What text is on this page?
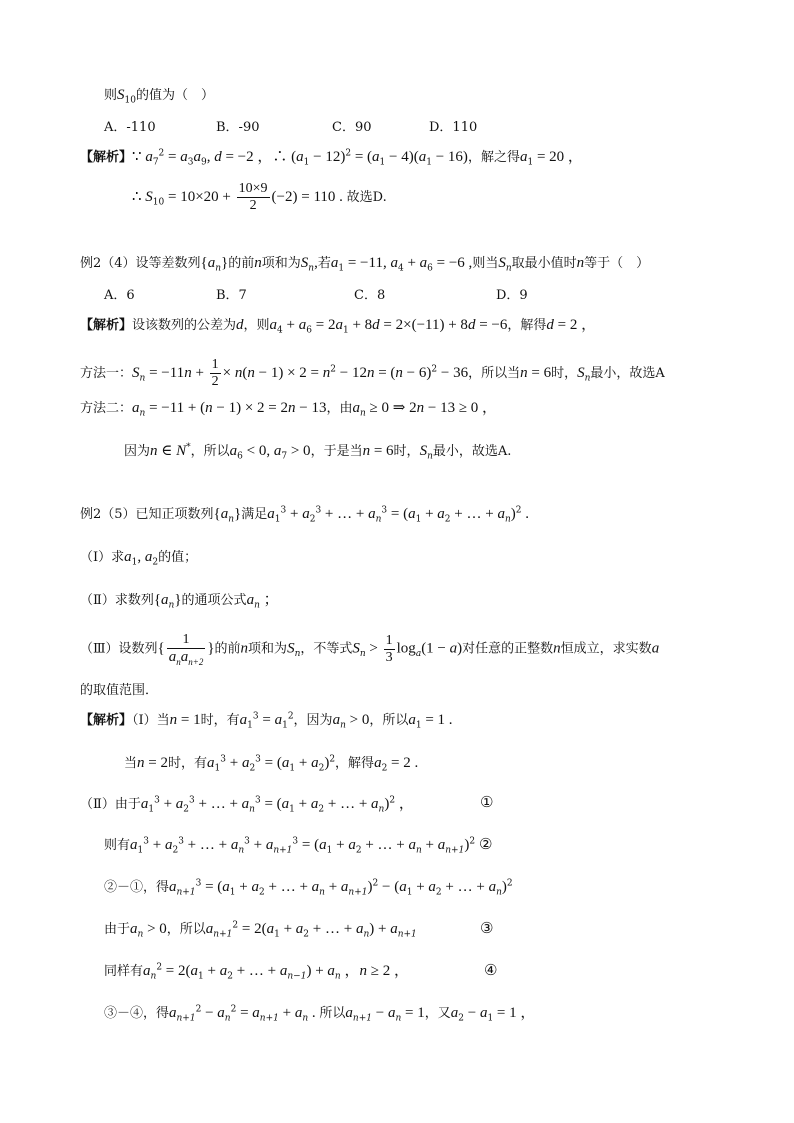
则$S_{10}$的值为（　）
A．-110	B．-90	C．90	D．110
【解析】∵ $a_7^2 = a_3a_9$, d = −2 ，∴ $(a_1 - 12)^2 = (a_1 - 4)(a_1 - 16)$，解之得$a_1 = 20$ ，
∴ $S_{10} = 10\times 20 + \frac{10\times 9}{2} (-2) = 110$ . 故选D.
例2（4）设等差数列$\{a_n\}$的前n项和为$S_n$,若$a_1 = -11$, $a_4 + a_6 = -6$ ,则当$S_n$取最小值时n等于（　）
A．6	B．7	C．8	D．9
【解析】设该数列的公差为d，则$a_4 + a_6 = 2a_1 + 8d = 2\times(-11) + 8d = -6$，解得d = 2 ，
方法一：$S_n = -11n + \frac{1}{2} \times n(n - 1) \times 2 = n^2 - 12n = (n - 6)^2 - 36$，所以当n = 6时，$S_n$最小，故选A
方法二：$a_n = -11 + (n - 1) \times 2 = 2n - 13$，由$a_n \ge 0$ ⇒ 2n − 13 ≥ 0 ，
因为n ∈ N*，所以$a_6 < 0$, $a_7 > 0$，于是当n = 6时，$S_n$最小，故选A.
例2（5）已知正项数列$\{a_n\}$满足$a_1^3 + a_2^3$ + … + $a_n^3 = (a_1 + a_2$ + … + $a_n)^2$ .
（Ⅰ）求$a_1$, $a_2$的值；
（Ⅱ）求数列$\{a_n\}$的通项公式$a_n$ ；
（Ⅲ）设数列{ $\frac{1}{a_na_{n+2}}$ }的前n项和为$S_n$，不等式$S_n > \frac{1}{3} \log_a(1 - a)$对任意的正整数n恒成立，求实数a
的取值范围．
【解析】（Ⅰ）当n = 1时，有$a_1^3 = a_1^2$，因为$a_n > 0$，所以$a_1 = 1$ .
当n = 2时，有$a_1^3 + a_2^3 = (a_1 + a_2)^2$，解得$a_2 = 2$ .
（Ⅱ）由于$a_1^3 + a_2^3$ + … + $a_n^3 = (a_1 + a_2$ + … + $a_n)^2$ ，	①
则有$a_1^3 + a_2^3$ + … + $a_n^3 + a_{n+1}^3 = (a_1 + a_2$ + … + $a_n + a_{n+1})^2$ ②
②－①，得$a_{n+1}^3 = (a_1 + a_2$ + … + $a_n + a_{n+1})^2 - (a_1 + a_2$ + … + $a_n)^2$
由于$a_n > 0$，所以$a_{n+1}^2 = 2(a_1 + a_2$ + … + $a_n) + a_{n+1}$	③
同样有$a_n^2 = 2(a_1 + a_2$ + … + $a_{n-1}) + a_n$ ，n ≥ 2 ，	④
③－④，得$a_{n+1}^2 - a_n^2 = a_{n+1} + a_n$ . 所以$a_{n+1} - a_n = 1$，又$a_2 - a_1 = 1$ ，
